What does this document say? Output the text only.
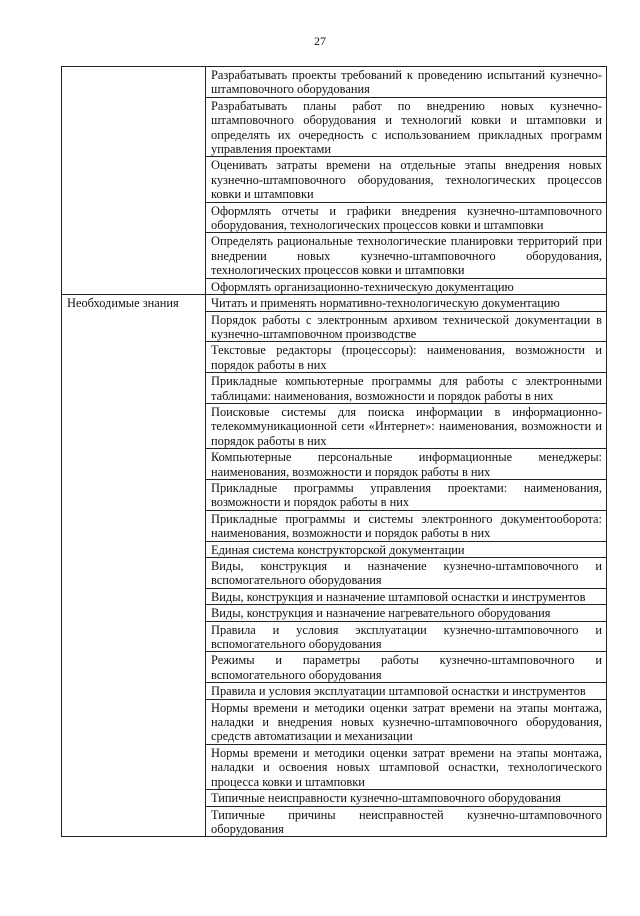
27
	Разрабатывать проекты требований к проведению испытаний кузнечно-штамповочного оборудования
	Разрабатывать планы работ по внедрению новых кузнечно-штамповочного оборудования и технологий ковки и штамповки и определять их очередность с использованием прикладных программ управления проектами
	Оценивать затраты времени на отдельные этапы внедрения новых кузнечно-штамповочного оборудования, технологических процессов ковки и штамповки
	Оформлять отчеты и графики внедрения кузнечно-штамповочного оборудования, технологических процессов ковки и штамповки
	Определять рациональные технологические планировки территорий при внедрении новых кузнечно-штамповочного оборудования, технологических процессов ковки и штамповки
	Оформлять организационно-техническую документацию
Необходимые знания	Читать и применять нормативно-технологическую документацию
	Порядок работы с электронным архивом технической документации в кузнечно-штамповочном производстве
	Текстовые редакторы (процессоры): наименования, возможности и порядок работы в них
	Прикладные компьютерные программы для работы с электронными таблицами: наименования, возможности и порядок работы в них
	Поисковые системы для поиска информации в информационно-телекоммуникационной сети «Интернет»: наименования, возможности и порядок работы в них
	Компьютерные персональные информационные менеджеры: наименования, возможности и порядок работы в них
	Прикладные программы управления проектами: наименования, возможности и порядок работы в них
	Прикладные программы и системы электронного документооборота: наименования, возможности и порядок работы в них
	Единая система конструкторской документации
	Виды, конструкция и назначение кузнечно-штамповочного и вспомогательного оборудования
	Виды, конструкция и назначение штамповой оснастки и инструментов
	Виды, конструкция и назначение нагревательного оборудования
	Правила и условия эксплуатации кузнечно-штамповочного и вспомогательного оборудования
	Режимы и параметры работы кузнечно-штамповочного и вспомогательного оборудования
	Правила и условия эксплуатации штамповой оснастки и инструментов
	Нормы времени и методики оценки затрат времени на этапы монтажа, наладки и внедрения новых кузнечно-штамповочного оборудования, средств автоматизации и механизации
	Нормы времени и методики оценки затрат времени на этапы монтажа, наладки и освоения новых штамповой оснастки, технологического процесса ковки и штамповки
	Типичные неисправности кузнечно-штамповочного оборудования
	Типичные причины неисправностей кузнечно-штамповочного оборудования
